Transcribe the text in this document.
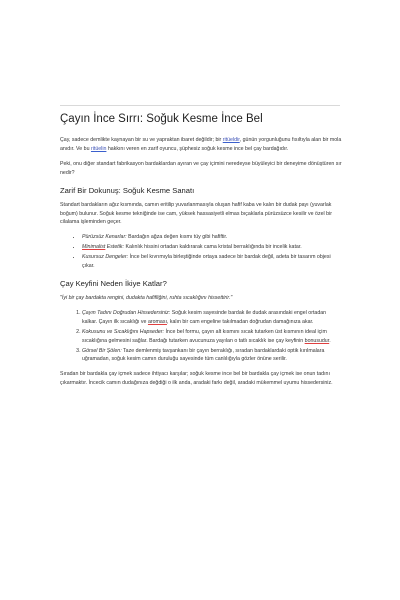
Çayın İnce Sırrı: Soğuk Kesme İnce Bel

Çay, sadece demlikte kaynayan bir su ve yapraktan ibaret değildir; bir ritüeldir, günün yorgunluğunu fısıltıyla alan bir mola anıdır. Ve bu ritüelin hakkını veren en zarif oyuncu, şüphesiz soğuk kesme ince bel çay bardağıdır.

Peki, onu diğer standart fabrikasyon bardaklardan ayıran ve çay içimini neredeyse büyüleyici bir deneyime dönüştüren sır nedir?

Zarif Bir Dokunuş: Soğuk Kesme Sanatı

Standart bardakların ağız kısmında, camın eritilip yuvarlanmasıyla oluşan hafif kaba ve kalın bir dudak payı (yuvarlak boğum) bulunur. Soğuk kesme tekniğinde ise cam, yüksek hassasiyetli elmas bıçaklarla pürüzsüzce kesilir ve özel bir cilalama işleminden geçer.

• Pürüzsüz Kenarlar: Bardağın ağza değen kısmı tüy gibi hafiftir.
• Minimalist Estetik: Kalınlık hissini ortadan kaldırarak cama kristal berraklığında bir incelik katar.
• Kusursuz Dengeler: İnce bel kıvrımıyla birleştiğinde ortaya sadece bir bardak değil, adeta bir tasarım objesi çıkar.
Çay Keyfini Neden İkiye Katlar?

"İyi bir çay bardakta rengini, dudakta hafifliğini, ruhta sıcaklığını hissettirir."

1. Çayın Tadını Doğrudan Hissedersiniz: Soğuk kesim sayesinde bardak ile dudak arasındaki engel ortadan kalkar. Çayın ilk sıcaklığı ve aroması, kalın bir cam engeline takılmadan doğrudan damağınıza akar.
2. Kokusunu ve Sıcaklığını Hapseder: İnce bel formu, çayın alt kısmını sıcak tutarken üst kısmının ideal içim sıcaklığına gelmesini sağlar. Bardağı tutarken avucunuza yayılan o tatlı sıcaklık ise çay keyfinin bonusudur.
3. Görsel Bir Şölen: Taze demlenmiş tavşankanı bir çayın berraklığı, sıradan bardaklardaki optik kırılmalara uğramadan, soğuk kesim camın duruluğu sayesinde tüm canlılığıyla gözler önüne serilir.

Sıradan bir bardakla çay içmek sadece ihtiyacı karşılar; soğuk kesme ince bel bir bardakla çay içmek ise onun tadını çıkarmaktır. İncecik camın dudağınıza değdiği o ilk anda, aradaki farkı değil, aradaki mükemmel uyumu hissedersiniz.
